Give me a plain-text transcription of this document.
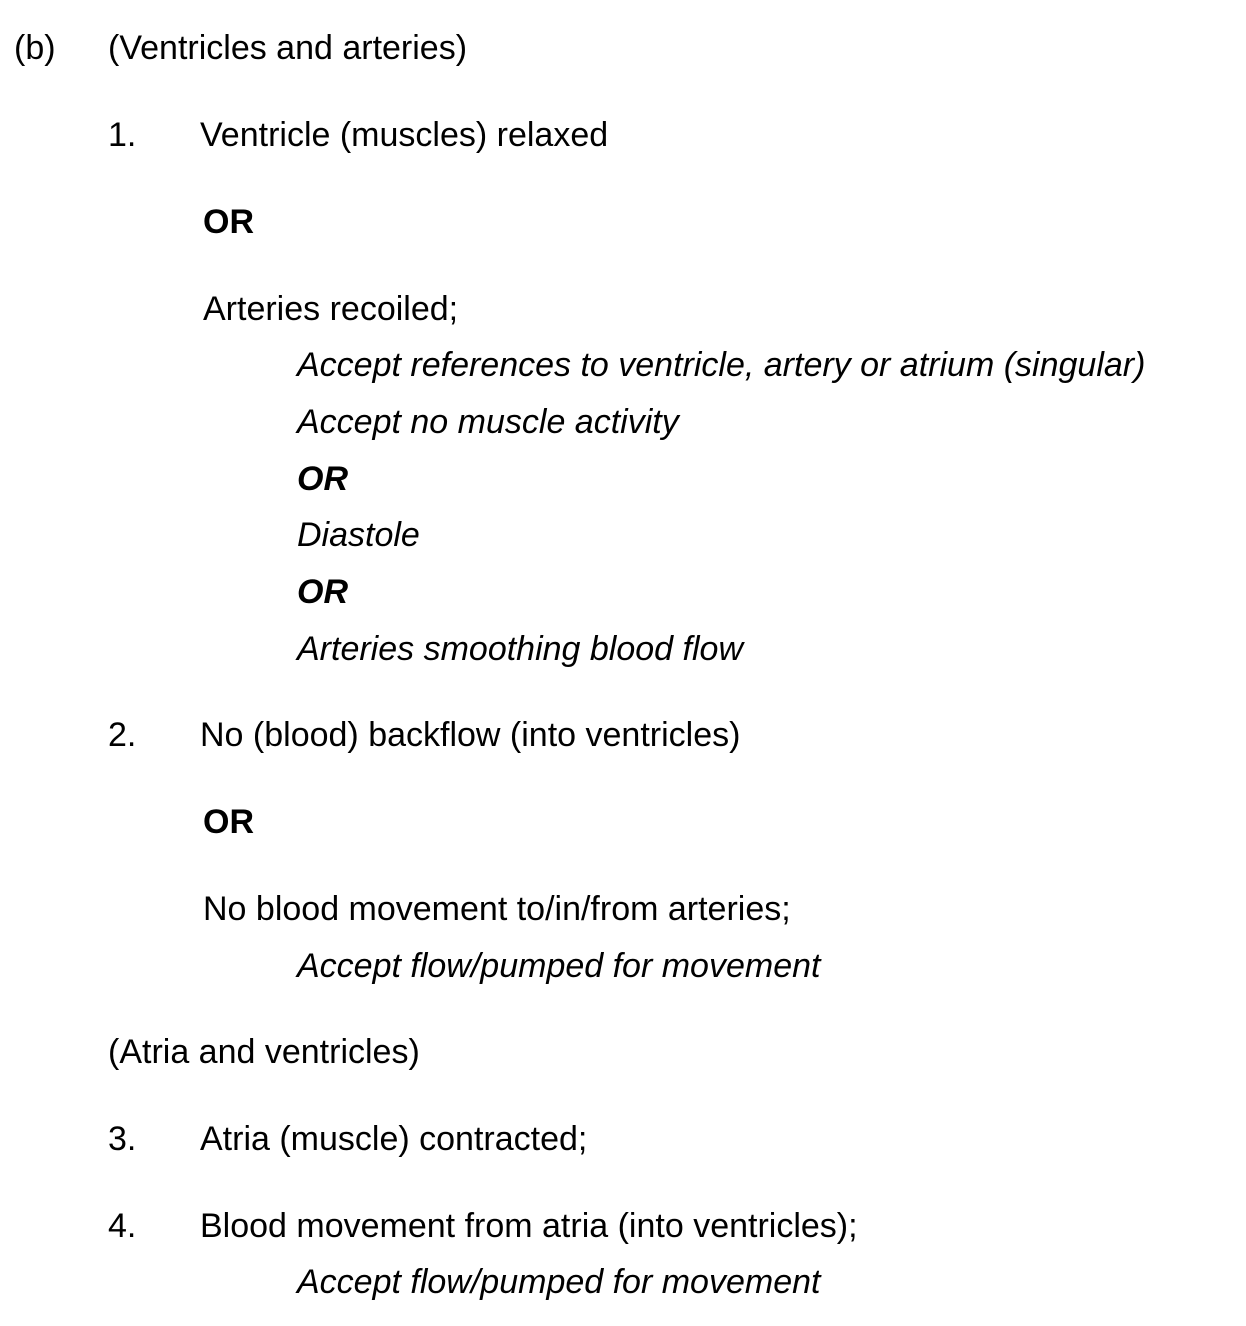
(b) (Ventricles and arteries)

1. Ventricle (muscles) relaxed

OR

Arteries recoiled;

Accept references to ventricle, artery or atrium (singular)

Accept no muscle activity

OR

Diastole

OR

Arteries smoothing blood flow

2. No (blood) backflow (into ventricles)

OR

No blood movement to/in/from arteries;

Accept flow/pumped for movement

(Atria and ventricles)

3. Atria (muscle) contracted;

4. Blood movement from atria (into ventricles);

Accept flow/pumped for movement
